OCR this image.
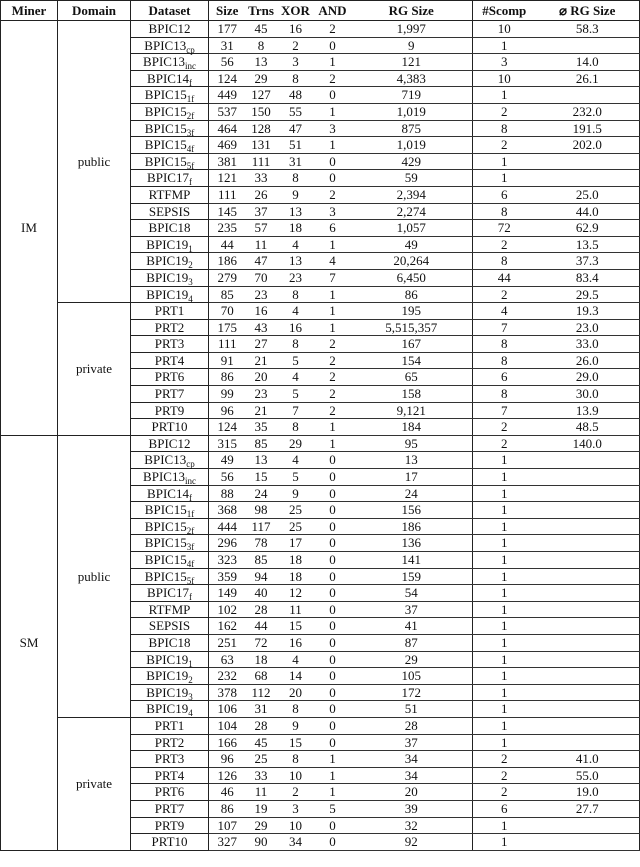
Miner	Domain	Dataset	Size	Trns	XOR	AND	RG Size	#Scomp	⌀ RG Size
IM	public	BPIC12	177	45	16	2	1,997	10	58.3
		$BPIC13_{cp}$	31	8	2	0	9	1	
		$BPIC13_{inc}$	56	13	3	1	121	3	14.0
		$BPIC14_f$	124	29	8	2	4,383	10	26.1
		$BPIC15_{1f}$	449	127	48	0	719	1	
		$BPIC15_{2f}$	537	150	55	1	1,019	2	232.0
		$BPIC15_{3f}$	464	128	47	3	875	8	191.5
		$BPIC15_{4f}$	469	131	51	1	1,019	2	202.0
		$BPIC15_{5f}$	381	111	31	0	429	1	
		$BPIC17_f$	121	33	8	0	59	1	
		RTFMP	111	26	9	2	2,394	6	25.0
		SEPSIS	145	37	13	3	2,274	8	44.0
		BPIC18	235	57	18	6	1,057	72	62.9
		$BPIC19_1$	44	11	4	1	49	2	13.5
		$BPIC19_2$	186	47	13	4	20,264	8	37.3
		$BPIC19_3$	279	70	23	7	6,450	44	83.4
		$BPIC19_4$	85	23	8	1	86	2	29.5
	private	PRT1	70	16	4	1	195	4	19.3
		PRT2	175	43	16	1	5,515,357	7	23.0
		PRT3	111	27	8	2	167	8	33.0
		PRT4	91	21	5	2	154	8	26.0
		PRT6	86	20	4	2	65	6	29.0
		PRT7	99	23	5	2	158	8	30.0
		PRT9	96	21	7	2	9,121	7	13.9
		PRT10	124	35	8	1	184	2	48.5
SM	public	BPIC12	315	85	29	1	95	2	140.0
		$BPIC13_{cp}$	49	13	4	0	13	1	
		$BPIC13_{inc}$	56	15	5	0	17	1	
		$BPIC14_f$	88	24	9	0	24	1	
		$BPIC15_{1f}$	368	98	25	0	156	1	
		$BPIC15_{2f}$	444	117	25	0	186	1	
		$BPIC15_{3f}$	296	78	17	0	136	1	
		$BPIC15_{4f}$	323	85	18	0	141	1	
		$BPIC15_{5f}$	359	94	18	0	159	1	
		$BPIC17_f$	149	40	12	0	54	1	
		RTFMP	102	28	11	0	37	1	
		SEPSIS	162	44	15	0	41	1	
		BPIC18	251	72	16	0	87	1	
		$BPIC19_1$	63	18	4	0	29	1	
		$BPIC19_2$	232	68	14	0	105	1	
		$BPIC19_3$	378	112	20	0	172	1	
		$BPIC19_4$	106	31	8	0	51	1	
	private	PRT1	104	28	9	0	28	1	
		PRT2	166	45	15	0	37	1	
		PRT3	96	25	8	1	34	2	41.0
		PRT4	126	33	10	1	34	2	55.0
		PRT6	46	11	2	1	20	2	19.0
		PRT7	86	19	3	5	39	6	27.7
		PRT9	107	29	10	0	32	1	
		PRT10	327	90	34	0	92	1	
